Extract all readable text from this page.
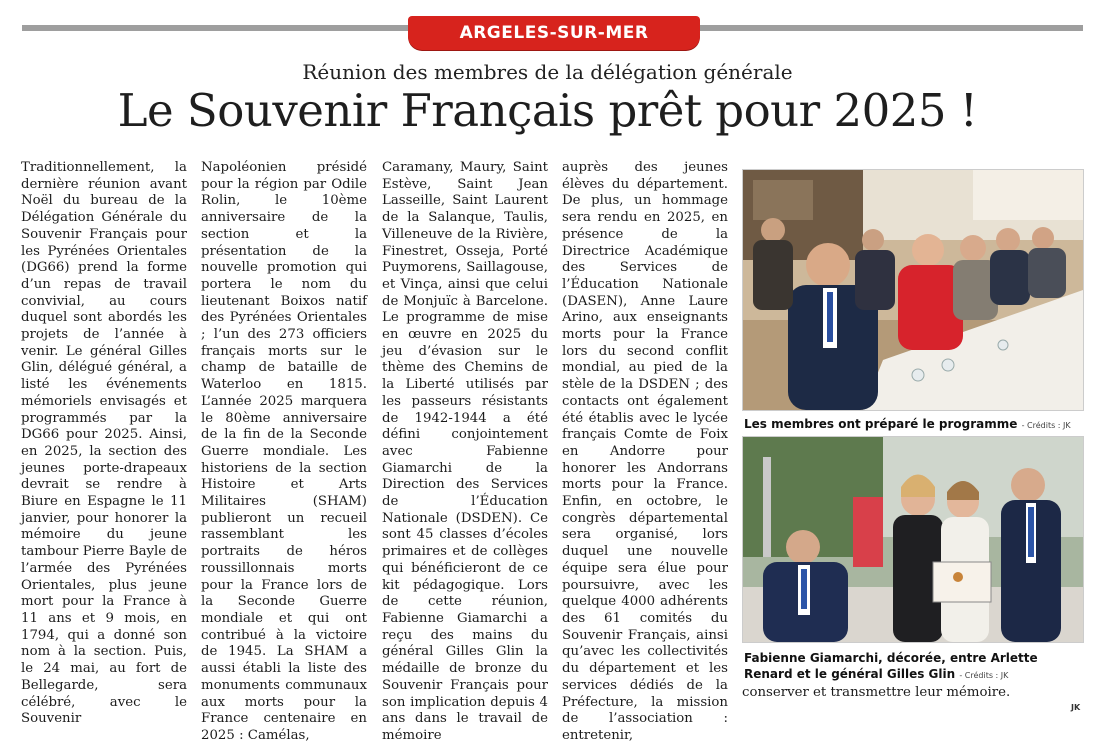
ARGELES-SUR-MER
Réunion des membres de la délégation générale
Le Souvenir Français prêt pour 2025 !
Traditionnellement, la dernière réunion avant Noël du bureau de la Délégation Générale du Souvenir Français pour les Pyrénées Orientales (DG66) prend la forme d’un repas de travail convivial, au cours duquel sont abordés les projets de l’année à venir. Le général Gilles Glin, délégué général, a listé les événements mémoriels envisagés et programmés par la DG66 pour 2025. Ainsi, en 2025, la section des jeunes porte-drapeaux devrait se rendre à Biure en Espagne le 11 janvier, pour honorer la mémoire du jeune tambour Pierre Bayle de l’armée des Pyrénées Orientales, plus jeune mort pour la France à 11 ans et 9 mois, en 1794, qui a donné son nom à la section. Puis, le 24 mai, au fort de Bellegarde, sera célébré, avec le Souvenir
Napoléonien présidé pour la région par Odile Rolin, le 10ème anniversaire de la section et la présentation de la nouvelle promotion qui portera le nom du lieutenant Boixos natif des Pyrénées Orientales ; l’un des 273 officiers français morts sur le champ de bataille de Waterloo en 1815. L’année 2025 marquera le 80ème anniversaire de la fin de la Seconde Guerre mondiale. Les historiens de la section Histoire et Arts Militaires (SHAM) publieront un recueil rassemblant les portraits de héros roussillonnais morts pour la France lors de la Seconde Guerre mondiale et qui ont contribué à la victoire de 1945. La SHAM a aussi établi la liste des monuments communaux aux morts pour la France centenaire en 2025 : Camélas,
Caramany, Maury, Saint Estève, Saint Jean Lasseille, Saint Laurent de la Salanque, Taulis, Villeneuve de la Rivière, Finestret, Osseja, Porté Puymorens, Saillagouse, et Vinça, ainsi que celui de Monjuïc à Barcelone. Le programme de mise en œuvre en 2025 du jeu d’évasion sur le thème des Chemins de la Liberté utilisés par les passeurs résistants de 1942-1944 a été défini conjointement avec Fabienne Giamarchi de la Direction des Services de l’Éducation Nationale (DSDEN). Ce sont 45 classes d’écoles primaires et de collèges qui bénéficieront de ce kit pédagogique. Lors de cette réunion, Fabienne Giamarchi a reçu des mains du général Gilles Glin la médaille de bronze du Souvenir Français pour son implication depuis 4 ans dans le travail de mémoire
auprès des jeunes élèves du département. De plus, un hommage sera rendu en 2025, en présence de la Directrice Académique des Services de l’Éducation Nationale (DASEN), Anne Laure Arino, aux enseignants morts pour la France lors du second conflit mondial, au pied de la stèle de la DSDEN ; des contacts ont également été établis avec le lycée français Comte de Foix en Andorre pour honorer les Andorrans morts pour la France. Enfin, en octobre, le congrès départemental sera organisé, lors duquel une nouvelle équipe sera élue pour poursuivre, avec les quelque 4000 adhérents des 61 comités du Souvenir Français, ainsi qu’avec les collectivités du département et les services dédiés de la Préfecture, la mission de l’association : entretenir,
Les membres ont préparé le programme - Crédits : JK
Fabienne Giamarchi, décorée, entre Arlette Renard et le général Gilles Glin - Crédits : JK
conserver et transmettre leur mémoire.
JK
